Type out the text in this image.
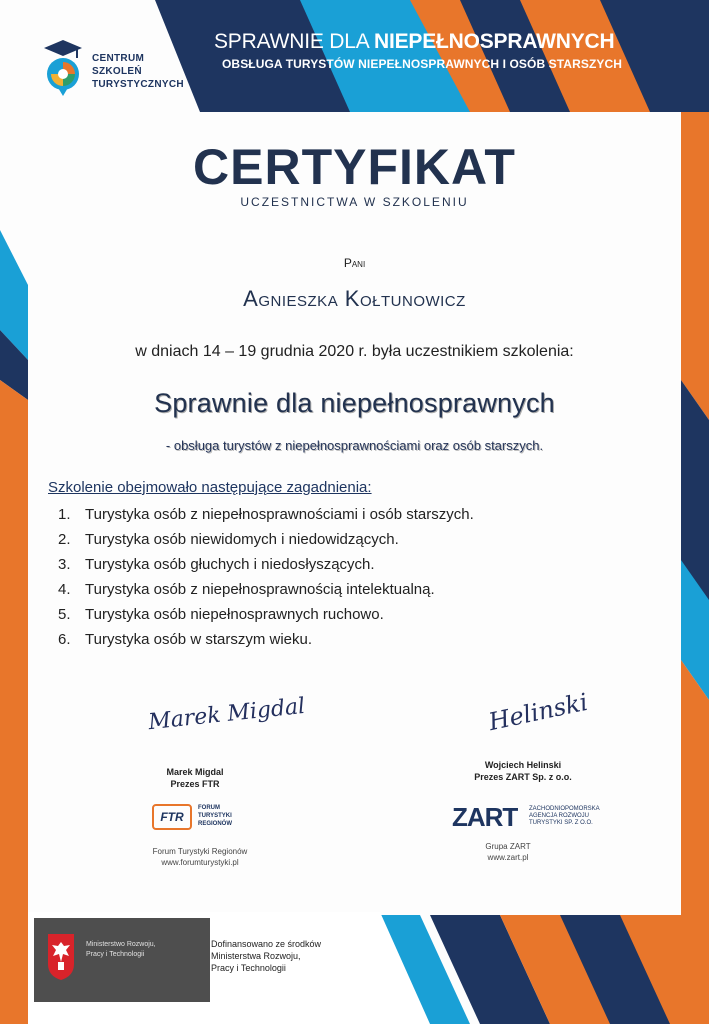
CENTRUM
SZKOLEŃ
TURYSTYCZNYCH
SPRAWNIE DLA NIEPEŁNOSPRAWNYCH
OBSŁUGA TURYSTÓW NIEPEŁNOSPRAWNYCH I OSÓB STARSZYCH
CERTYFIKAT
UCZESTNICTWA W SZKOLENIU
Pani
Agnieszka Kołtunowicz
w dniach 14 – 19 grudnia 2020 r. była uczestnikiem szkolenia:
Sprawnie dla niepełnosprawnych
- obsługa turystów z niepełnosprawnościami oraz osób starszych.
Szkolenie obejmowało następujące zagadnienia:
1. Turystyka osób z niepełnosprawnościami i osób starszych.
2. Turystyka osób niewidomych i niedowidzących.
3. Turystyka osób głuchych i niedosłyszących.
4. Turystyka osób z niepełnosprawnością intelektualną.
5. Turystyka osób niepełnosprawnych ruchowo.
6. Turystyka osób w starszym wieku.
Marek Migdal	Helinski
Marek Migdal
Prezes FTR
Wojciech Helinski
Prezes ZART Sp. z o.o.
FTR
FORUM
TURYSTYKI
REGIONÓW	ZART ZACHODNIOPOMORSKA
AGENCJA ROZWOJU
TURYSTYKI SP. Z O.O.
Forum Turystyki Regionów
www.forumturystyki.pl
Grupa ZART
www.zart.pl
Ministerstwo Rozwoju,
Pracy i Technologii
Dofinansowano ze środków
Ministerstwa Rozwoju,
Pracy i Technologii
